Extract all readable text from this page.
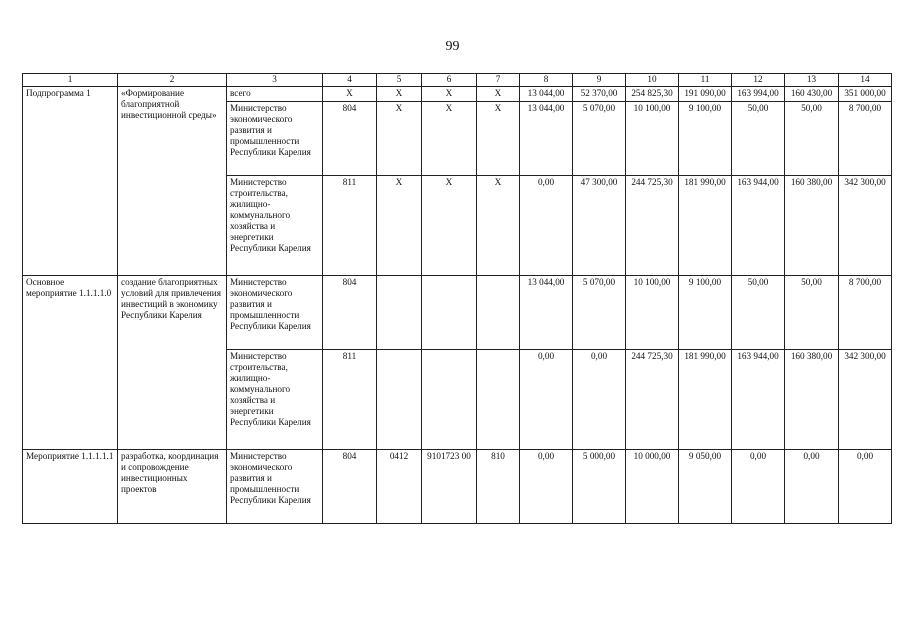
99
1	2	3	4	5	6	7	8	9	10	11	12	13	14
Подпрограмма 1	«Формирование благоприятной инвестиционной среды»	всего	Х	Х	Х	Х	13 044,00	52 370,00	254 825,30	191 090,00	163 994,00	160 430,00	351 000,00
		Министерство экономического развития и промышленности Республики Карелия	804	Х	Х	Х	13 044,00	5 070,00	10 100,00	9 100,00	50,00	50,00	8 700,00
		Министерство строительства, жилищно-коммунального хозяйства и энергетики Республики Карелия	811	Х	Х	Х	0,00	47 300,00	244 725,30	181 990,00	163 944,00	160 380,00	342 300,00
Основное мероприятие 1.1.1.1.0	создание благоприятных условий для привлечения инвестиций в экономику Республики Карелия	Министерство экономического развития и промышленности Республики Карелия	804				13 044,00	5 070,00	10 100,00	9 100,00	50,00	50,00	8 700,00
		Министерство строительства, жилищно-коммунального хозяйства и энергетики Республики Карелия	811				0,00	0,00	244 725,30	181 990,00	163 944,00	160 380,00	342 300,00
Мероприятие 1.1.1.1.1	разработка, координация и сопровождение инвестиционных проектов	Министерство экономического развития и промышленности Республики Карелия	804	0412	9101723 00	810	0,00	5 000,00	10 000,00	9 050,00	0,00	0,00	0,00
